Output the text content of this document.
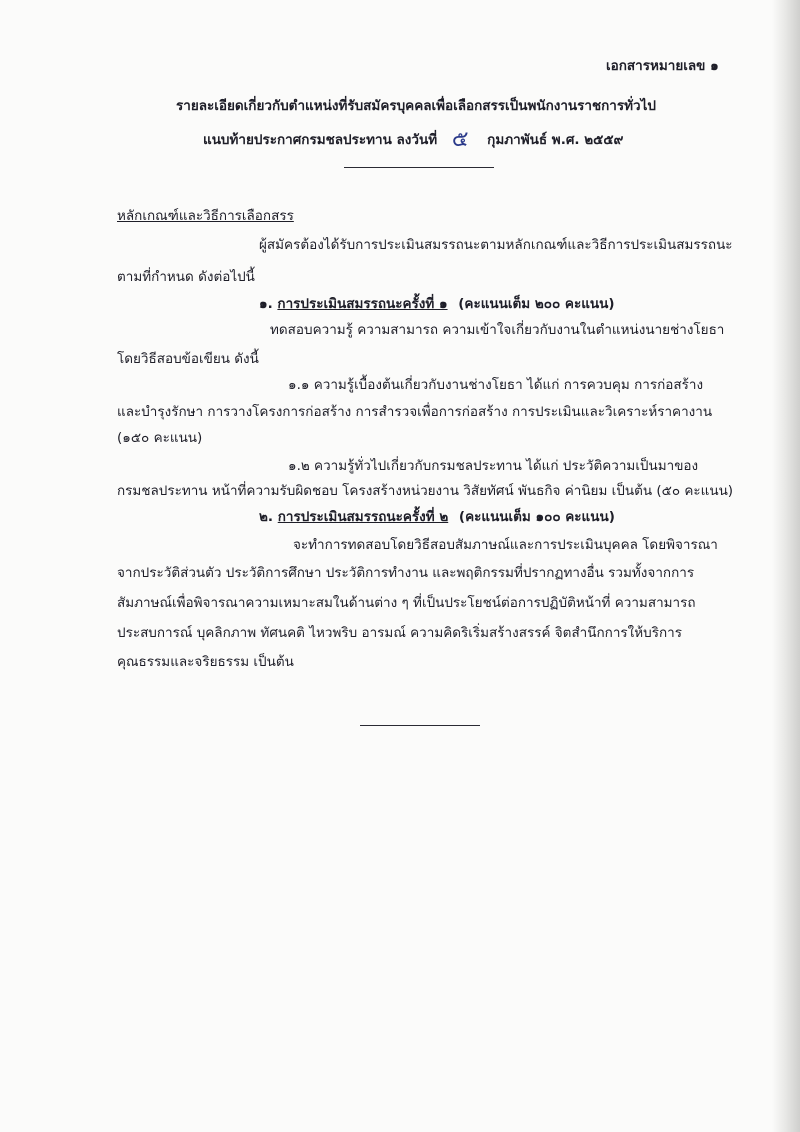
เอกสารหมายเลข ๑
รายละเอียดเกี่ยวกับตำแหน่งที่รับสมัครบุคคลเพื่อเลือกสรรเป็นพนักงานราชการทั่วไป
แนบท้ายประกาศกรมชลประทาน ลงวันที่ ๕ กุมภาพันธ์ พ.ศ. ๒๕๕๙
หลักเกณฑ์และวิธีการเลือกสรร
ผู้สมัครต้องได้รับการประเมินสมรรถนะตามหลักเกณฑ์และวิธีการประเมินสมรรถนะ
ตามที่กำหนด ดังต่อไปนี้
๑. การประเมินสมรรถนะครั้งที่ ๑ (คะแนนเต็ม ๒๐๐ คะแนน)
ทดสอบความรู้ ความสามารถ ความเข้าใจเกี่ยวกับงานในตำแหน่งนายช่างโยธา
โดยวิธีสอบข้อเขียน ดังนี้
๑.๑ ความรู้เบื้องต้นเกี่ยวกับงานช่างโยธา ได้แก่ การควบคุม การก่อสร้าง
และบำรุงรักษา การวางโครงการก่อสร้าง การสำรวจเพื่อการก่อสร้าง การประเมินและวิเคราะห์ราคางาน
(๑๕๐ คะแนน)
๑.๒ ความรู้ทั่วไปเกี่ยวกับกรมชลประทาน ได้แก่ ประวัติความเป็นมาของ
กรมชลประทาน หน้าที่ความรับผิดชอบ โครงสร้างหน่วยงาน วิสัยทัศน์ พันธกิจ ค่านิยม เป็นต้น (๕๐ คะแนน)
๒. การประเมินสมรรถนะครั้งที่ ๒ (คะแนนเต็ม ๑๐๐ คะแนน)
จะทำการทดสอบโดยวิธีสอบสัมภาษณ์และการประเมินบุคคล โดยพิจารณา
จากประวัติส่วนตัว ประวัติการศึกษา ประวัติการทำงาน และพฤติกรรมที่ปรากฏทางอื่น รวมทั้งจากการ
สัมภาษณ์เพื่อพิจารณาความเหมาะสมในด้านต่าง ๆ ที่เป็นประโยชน์ต่อการปฏิบัติหน้าที่ ความสามารถ
ประสบการณ์ บุคลิกภาพ ทัศนคติ ไหวพริบ อารมณ์ ความคิดริเริ่มสร้างสรรค์ จิตสำนึกการให้บริการ
คุณธรรมและจริยธรรม เป็นต้น
